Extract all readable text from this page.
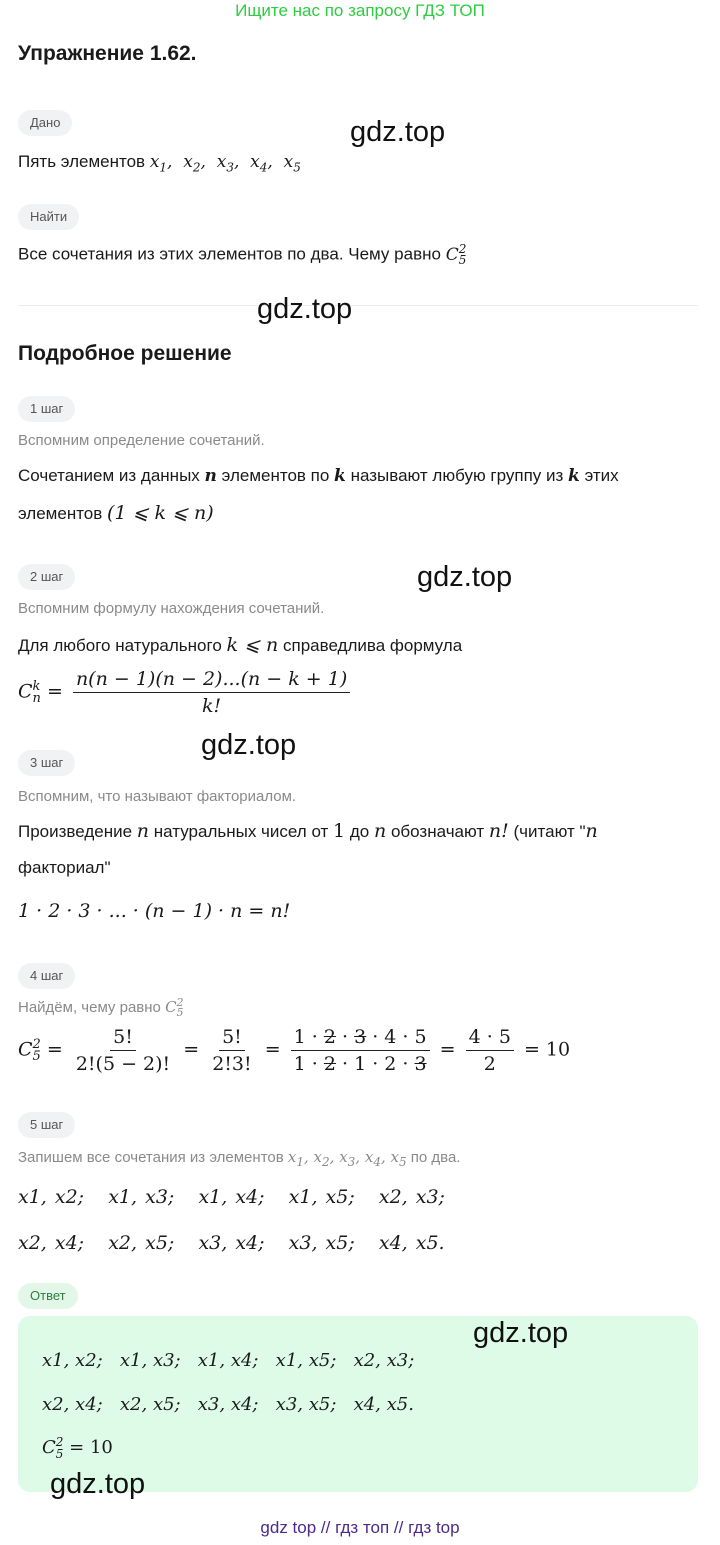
Ищите нас по запросу ГДЗ ТОП
Упражнение 1.62.
Дано
Пять элементов $x_1$,  $x_2$,  $x_3$,  $x_4$,  $x_5$
Найти
Все сочетания из этих элементов по два. Чему равно C 2
5
Подробное решение
1 шаг
Вспомним определение сочетаний.
Сочетанием из данных n элементов по k называют любую группу из k этих
элементов (1 ⩽ k ⩽ n)
2 шаг
Вспомним формулу нахождения сочетаний.
Для любого натурального k ⩽ n справедлива формула
C k
$n = \frac{n(n - 1)(n - 2)...(n - k + 1)}{k!}$
3 шаг
Вспомним, что называют факториалом.
Произведение n натуральных чисел от 1 до n обозначают n! (читают "n
факториал"
1 · 2 · 3 · ... · (n − 1) · n = n!
4 шаг
Найдём, чему равно C 2
5
C 2
$5 = \frac{5!}{2!(5 - 2)!} = \frac{5!}{2!3!} = \frac{1 \cdot 2 \cdot 3 \cdot 4 \cdot 5}{1 \cdot 2 \cdot 1 \cdot 2 \cdot 3} = \frac{4 \cdot 5}{2} = 10$
5 шаг
Запишем все сочетания из элементов $x_1$, $x_2$, $x_3$, $x_4$, $x_5$ по два.
x1, x2; x1, x3; x1, x4; x1, x5; x2, x3;
x2, x4; x2, x5; x3, x4; x3, x5; x4, x5.
Ответ
x1, x2; x1, x3; x1, x4; x1, x5; x2, x3;
x2, x4; x2, x5; x3, x4; x3, x5; x4, x5.
C 2
5 = 10
gdz.top
gdz.top
gdz.top
gdz.top
gdz.top
gdz.top
gdz top // гдз топ // гдз top
